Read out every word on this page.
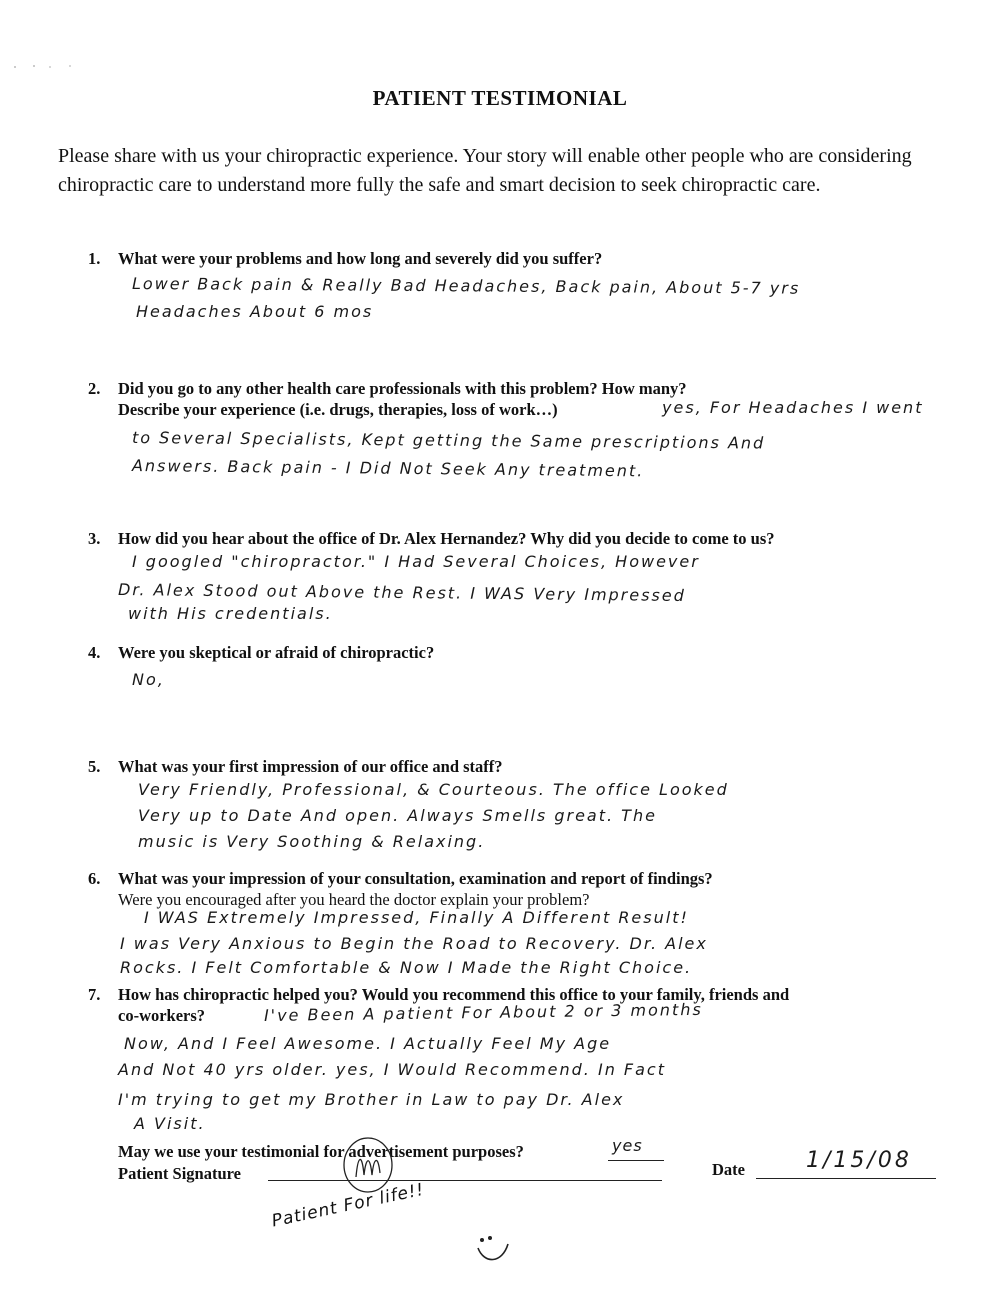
PATIENT TESTIMONIAL
Please share with us your chiropractic experience. Your story will enable other people who are considering chiropractic care to understand more fully the safe and smart decision to seek chiropractic care.
1. What were your problems and how long and severely did you suffer?
Lower Back pain & Really Bad Headaches, Back pain, About 5-7 yrs
Headaches About 6 mos
2. Did you go to any other health care professionals with this problem? How many?
Describe your experience (i.e. drugs, therapies, loss of work…)	yes, For Headaches I went
to Several Specialists, Kept getting the Same prescriptions And
Answers. Back pain - I Did Not Seek Any treatment.
3. How did you hear about the office of Dr. Alex Hernandez? Why did you decide to come to us?
I googled "chiropractor." I Had Several Choices, However
Dr. Alex Stood out Above the Rest. I WAS Very Impressed
with His credentials.
4. Were you skeptical or afraid of chiropractic?
No,
5. What was your first impression of our office and staff?
Very Friendly, Professional, & Courteous. The office Looked
Very up to Date And open. Always Smells great. The
music is Very Soothing & Relaxing.
6. What was your impression of your consultation, examination and report of findings?
Were you encouraged after you heard the doctor explain your problem?
I WAS Extremely Impressed, Finally A Different Result!
I was Very Anxious to Begin the Road to Recovery. Dr. Alex
Rocks. I Felt Comfortable & Now I Made the Right Choice.
7. How has chiropractic helped you? Would you recommend this office to your family, friends and
co-workers?	I've Been A patient For About 2 or 3 months
Now, And I Feel Awesome. I Actually Feel My Age
And Not 40 yrs older. yes, I Would Recommend. In Fact
I'm trying to get my Brother in Law to pay Dr. Alex
A Visit.
May we use your testimonial for advertisement purposes?	yes
Patient Signature	Date	1/15/08
Patient For life!!
